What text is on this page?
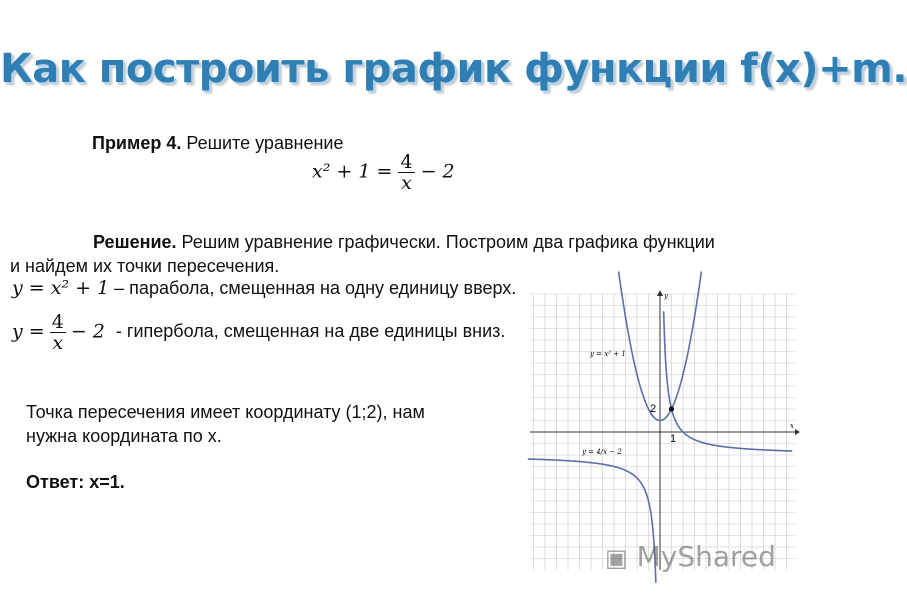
Как построить график функции f(x)+m.
Пример 4. Решите уравнение
$x^2 + 1 = \frac{4}{x} - 2$
Решение. Решим уравнение графически. Построим два графика функции
и найдем их точки пересечения.
y = x² + 1 – парабола, смещенная на одну единицу вверх.
$y = \frac{4}{x} - 2$ - гипербола, смещенная на две единицы вниз.
Точка пересечения имеет координату (1;2), нам
нужна координата по х.
Ответ: х=1.
y
x
2
1
y = x² + 1
y = 4/x − 2
▣ MyShared
